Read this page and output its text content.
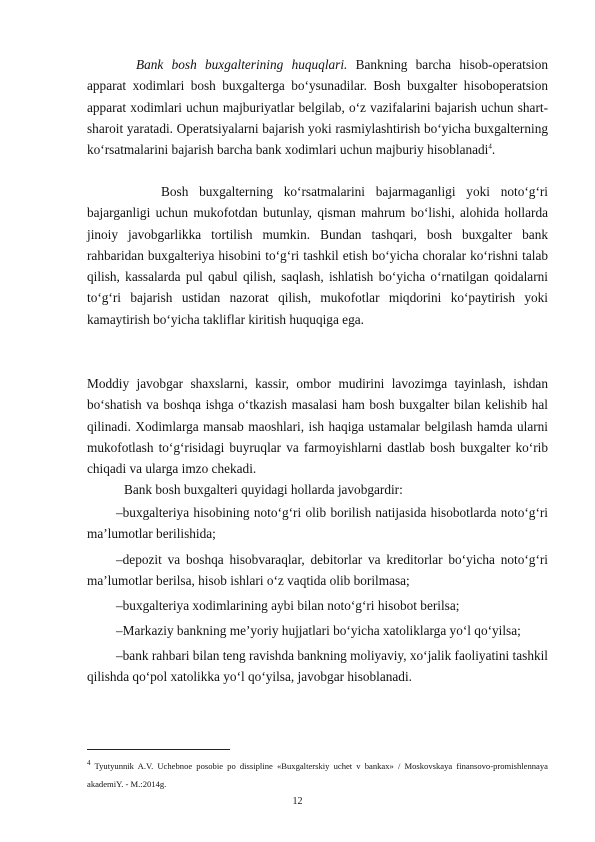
Bank bosh buxgalterining huquqlari. Bankning barcha hisob-operatsion apparat xodimlari bosh buxgalterga bo‘ysunadilar. Bosh buxgalter hisoboperatsion apparat xodimlari uchun majburiyatlar belgilab, o‘z vazifalarini bajarish uchun shart-sharoit yaratadi. Operatsiyalarni bajarish yoki rasmiylashtirish bo‘yicha buxgalterning ko‘rsatmalarini bajarish barcha bank xodimlari uchun majburiy hisoblanadi$^4$.

Bosh buxgalterning ko‘rsatmalarini bajarmaganligi yoki noto‘g‘ri bajarganligi uchun mukofotdan butunlay, qisman mahrum bo‘lishi, alohida hollarda jinoiy javobgarlikka tortilish mumkin. Bundan tashqari, bosh buxgalter bank rahbaridan buxgalteriya hisobini to‘g‘ri tashkil etish bo‘yicha choralar ko‘rishni talab qilish, kassalarda pul qabul qilish, saqlash, ishlatish bo‘yicha o‘rnatilgan qoidalarni to‘g‘ri bajarish ustidan nazorat qilish, mukofotlar miqdorini ko‘paytirish yoki kamaytirish bo‘yicha takliflar kiritish huquqiga ega.

Moddiy javobgar shaxslarni, kassir, ombor mudirini lavozimga tayinlash, ishdan bo‘shatish va boshqa ishga o‘tkazish masalasi ham bosh buxgalter bilan kelishib hal qilinadi. Xodimlarga mansab maoshlari, ish haqiga ustamalar belgilash hamda ularni mukofotlash to‘g‘risidagi buyruqlar va farmoyishlarni dastlab bosh buxgalter ko‘rib chiqadi va ularga imzo chekadi.

Bank bosh buxgalteri quyidagi hollarda javobgardir:

–buxgalteriya hisobining noto‘g‘ri olib borilish natijasida hisobotlarda noto‘g‘ri ma’lumotlar berilishida;

–depozit va boshqa hisobvaraqlar, debitorlar va kreditorlar bo‘yicha noto‘g‘ri ma’lumotlar berilsa, hisob ishlari o‘z vaqtida olib borilmasa;

–buxgalteriya xodimlarining aybi bilan noto‘g‘ri hisobot berilsa;

–Markaziy bankning me’yoriy hujjatlari bo‘yicha xatoliklarga yo‘l qo‘yilsa;

–bank rahbari bilan teng ravishda bankning moliyaviy, xo‘jalik faoliyatini tashkil qilishda qo‘pol xatolikka yo‘l qo‘yilsa, javobgar hisoblanadi.

$^4$ Tyutyunnik A.V. Uchebnoe posobie po dissipline «Buxgalterskiy uchet v bankax» / Moskovskaya finansovo-promishlennaya akademiY. - M.:2014g.

12
